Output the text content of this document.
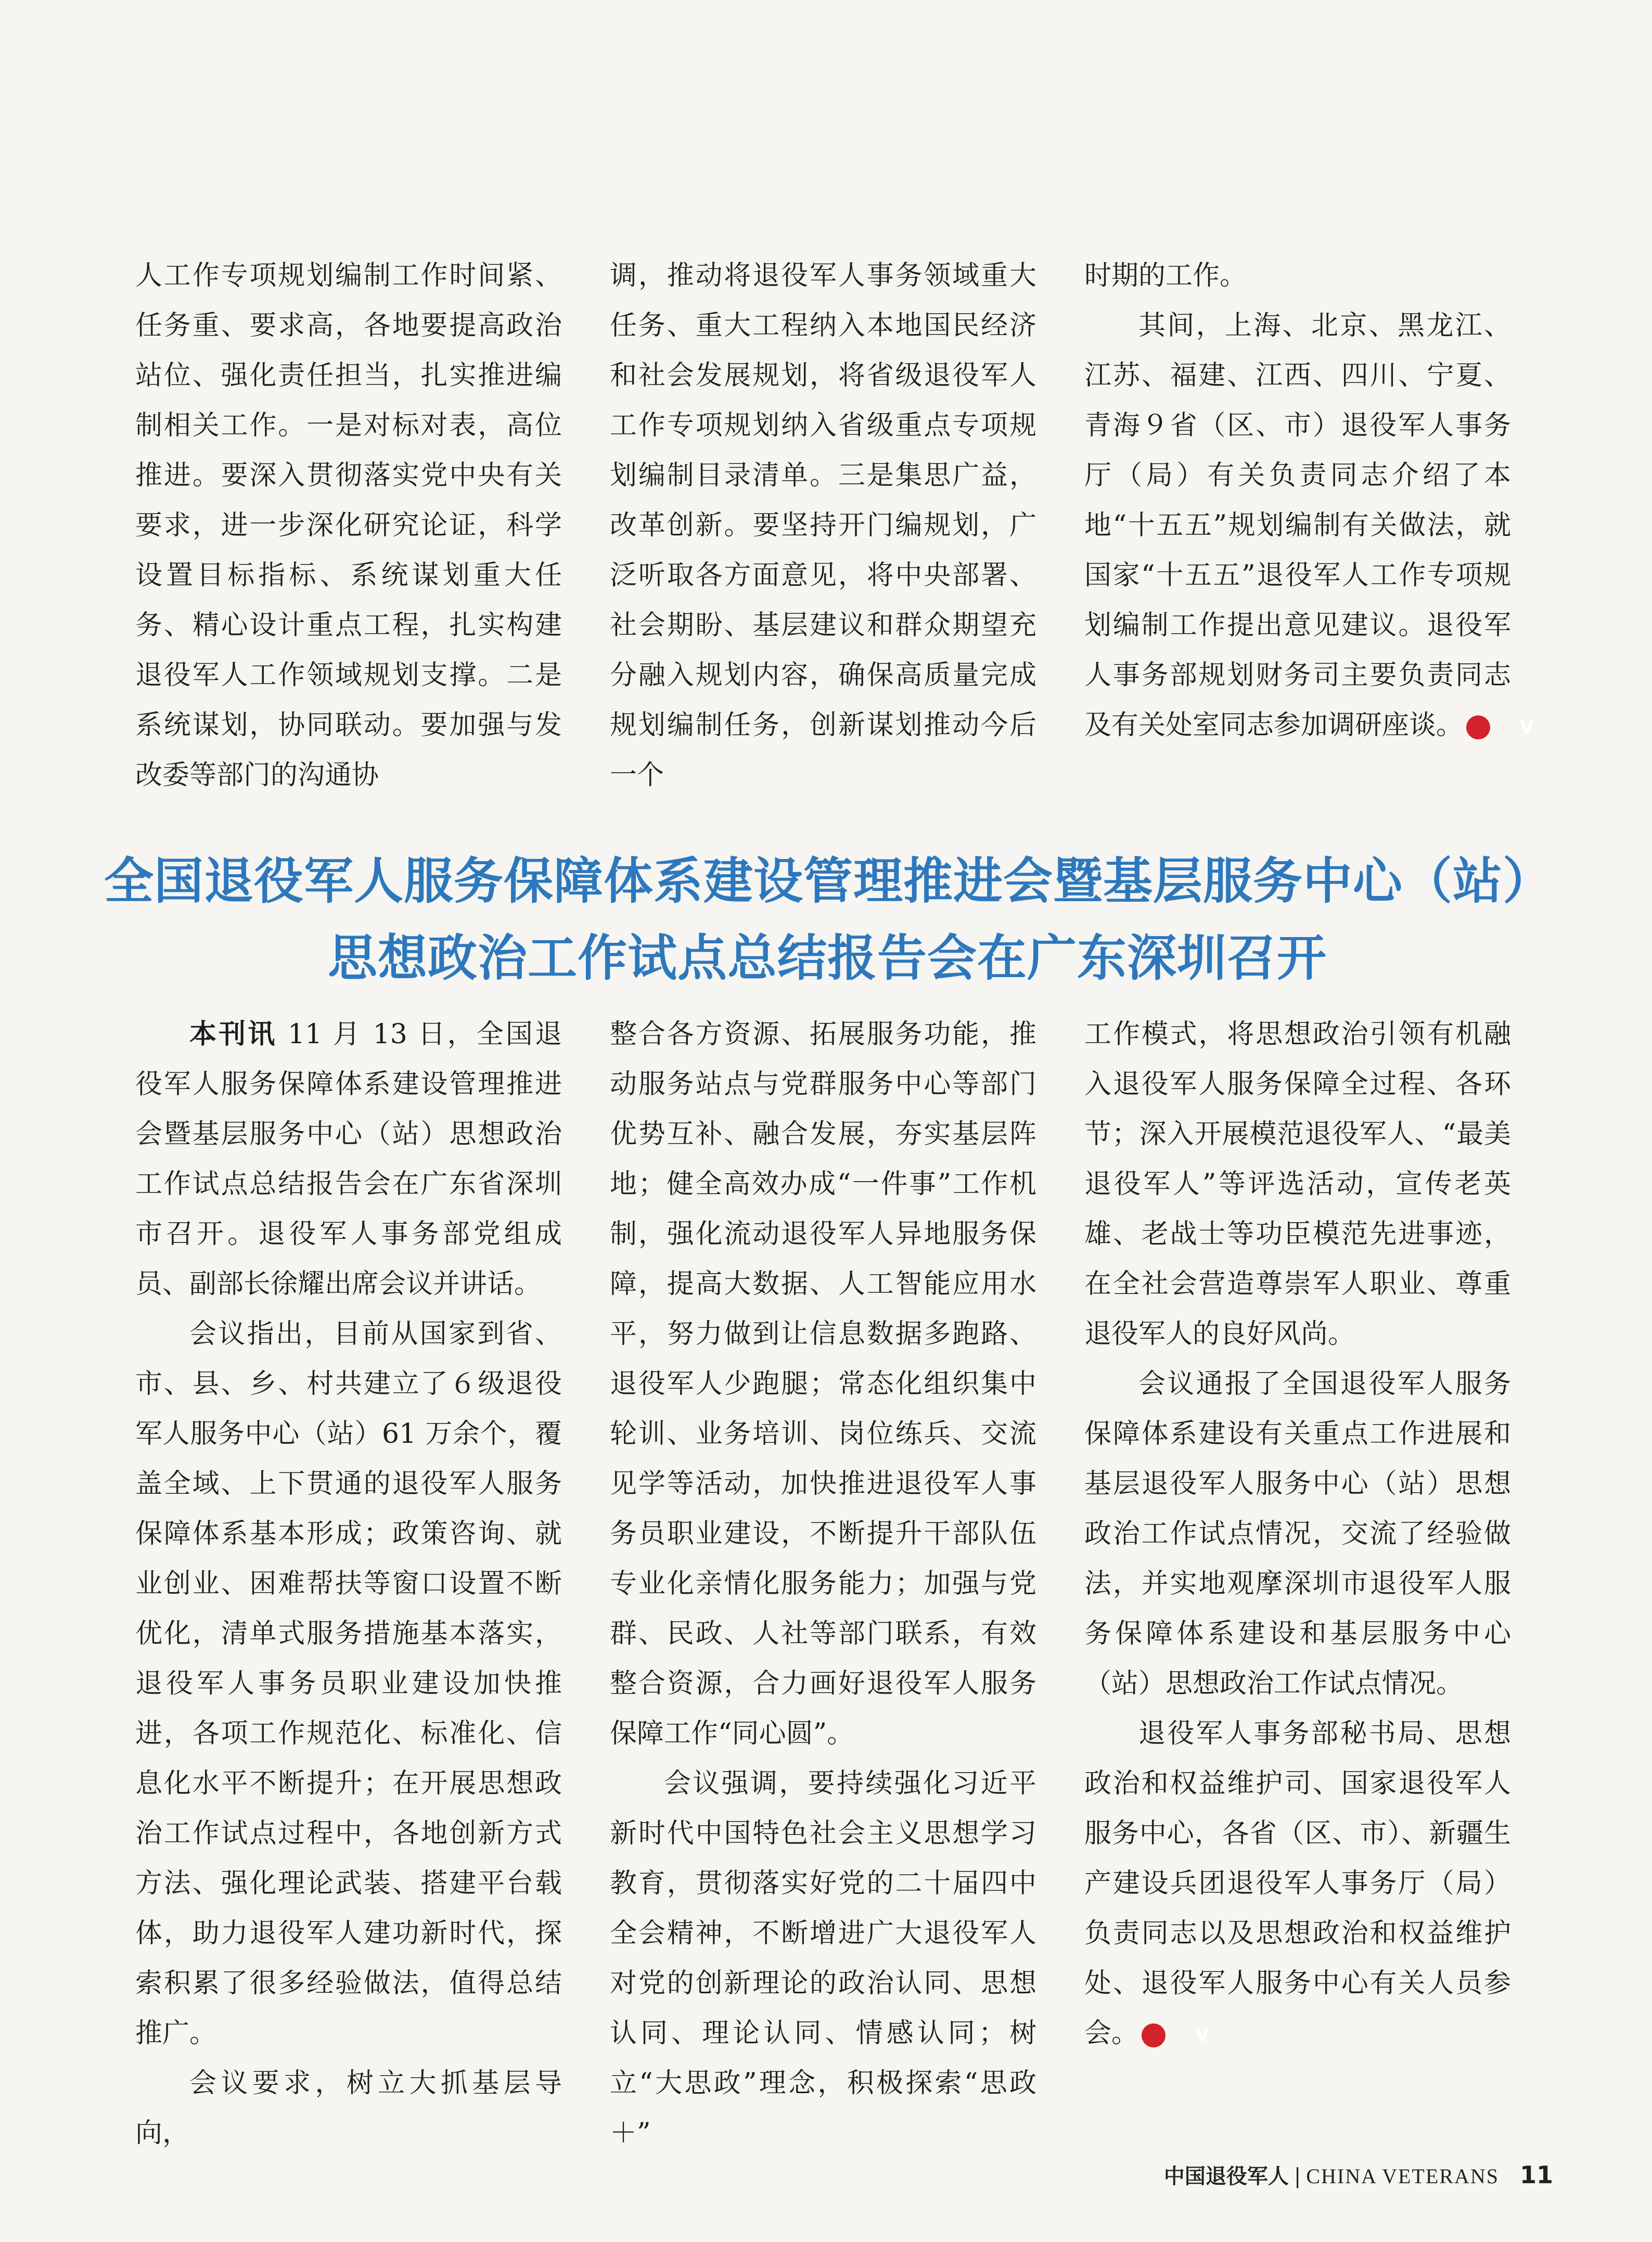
人工作专项规划编制工作时间紧、任务重、要求高，各地要提高政治站位、强化责任担当，扎实推进编制相关工作。一是对标对表，高位推进。要深入贯彻落实党中央有关要求，进一步深化研究论证，科学设置目标指标、系统谋划重大任务、精心设计重点工程，扎实构建退役军人工作领域规划支撑。二是系统谋划，协同联动。要加强与发改委等部门的沟通协

调，推动将退役军人事务领域重大任务、重大工程纳入本地国民经济和社会发展规划，将省级退役军人工作专项规划纳入省级重点专项规划编制目录清单。三是集思广益，改革创新。要坚持开门编规划，广泛听取各方面意见，将中央部署、社会期盼、基层建议和群众期望充分融入规划内容，确保高质量完成规划编制任务，创新谋划推动今后一个

时期的工作。

其间，上海、北京、黑龙江、江苏、福建、江西、四川、宁夏、青海９省（区、市）退役军人事务厅（局）有关负责同志介绍了本地“十五五”规划编制有关做法，就国家“十五五”退役军人工作专项规划编制工作提出意见建议。退役军人事务部规划财务司主要负责同志及有关处室同志参加调研座谈。	V

全国退役军人服务保障体系建设管理推进会暨基层服务中心（站）
思想政治工作试点总结报告会在广东深圳召开

本刊讯 11 月 13 日，全国退役军人服务保障体系建设管理推进会暨基层服务中心（站）思想政治工作试点总结报告会在广东省深圳市召开。退役军人事务部党组成员、副部长徐耀出席会议并讲话。

会议指出，目前从国家到省、市、县、乡、村共建立了６级退役军人服务中心（站）61 万余个，覆盖全域、上下贯通的退役军人服务保障体系基本形成；政策咨询、就业创业、困难帮扶等窗口设置不断优化，清单式服务措施基本落实，退役军人事务员职业建设加快推进，各项工作规范化、标准化、信息化水平不断提升；在开展思想政治工作试点过程中，各地创新方式方法、强化理论武装、搭建平台载体，助力退役军人建功新时代，探索积累了很多经验做法，值得总结推广。

会议要求，树立大抓基层导向，

整合各方资源、拓展服务功能，推动服务站点与党群服务中心等部门优势互补、融合发展，夯实基层阵地；健全高效办成“一件事”工作机制，强化流动退役军人异地服务保障，提高大数据、人工智能应用水平，努力做到让信息数据多跑路、退役军人少跑腿；常态化组织集中轮训、业务培训、岗位练兵、交流见学等活动，加快推进退役军人事务员职业建设，不断提升干部队伍专业化亲情化服务能力；加强与党群、民政、人社等部门联系，有效整合资源，合力画好退役军人服务保障工作“同心圆”。

会议强调，要持续强化习近平新时代中国特色社会主义思想学习教育，贯彻落实好党的二十届四中全会精神，不断增进广大退役军人对党的创新理论的政治认同、思想认同、理论认同、情感认同；树立“大思政”理念，积极探索“思政＋”

工作模式，将思想政治引领有机融入退役军人服务保障全过程、各环节；深入开展模范退役军人、“最美退役军人”等评选活动，宣传老英雄、老战士等功臣模范先进事迹，在全社会营造尊崇军人职业、尊重退役军人的良好风尚。

会议通报了全国退役军人服务保障体系建设有关重点工作进展和基层退役军人服务中心（站）思想政治工作试点情况，交流了经验做法，并实地观摩深圳市退役军人服务保障体系建设和基层服务中心（站）思想政治工作试点情况。

退役军人事务部秘书局、思想政治和权益维护司、国家退役军人服务中心，各省（区、市）、新疆生产建设兵团退役军人事务厅（局）负责同志以及思想政治和权益维护处、退役军人服务中心有关人员参会。	V

中国退役军人 | CHINA VETERANS 11
